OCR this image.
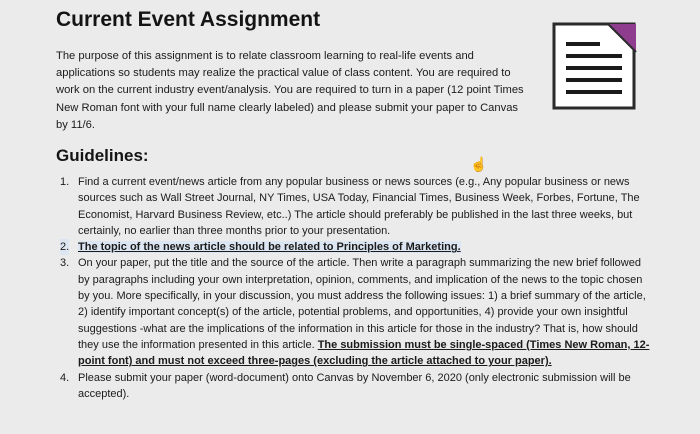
Current Event Assignment
The purpose of this assignment is to relate classroom learning to real-life events and applications so students may realize the practical value of class content. You are required to work on the current industry event/analysis. You are required to turn in a paper (12 point Times New Roman font with your full name clearly labeled) and please submit your paper to Canvas by 11/6.
Guidelines:	☝
1. Find a current event/news article from any popular business or news sources (e.g., Any popular business or news sources such as Wall Street Journal, NY Times, USA Today, Financial Times, Business Week, Forbes, Fortune, The Economist, Harvard Business Review, etc..) The article should preferably be published in the last three weeks, but certainly, no earlier than three months prior to your presentation.
2. The topic of the news article should be related to Principles of Marketing.
3. On your paper, put the title and the source of the article. Then write a paragraph summarizing the new brief followed by paragraphs including your own interpretation, opinion, comments, and implication of the news to the topic chosen by you. More specifically, in your discussion, you must address the following issues: 1) a brief summary of the article, 2) identify important concept(s) of the article, potential problems, and opportunities, 4) provide your own insightful suggestions -what are the implications of the information in this article for those in the industry? That is, how should they use the information presented in this article. The submission must be single-spaced (Times New Roman, 12-point font) and must not exceed three-pages (excluding the article attached to your paper).
4. Please submit your paper (word-document) onto Canvas by November 6, 2020 (only electronic submission will be accepted).
